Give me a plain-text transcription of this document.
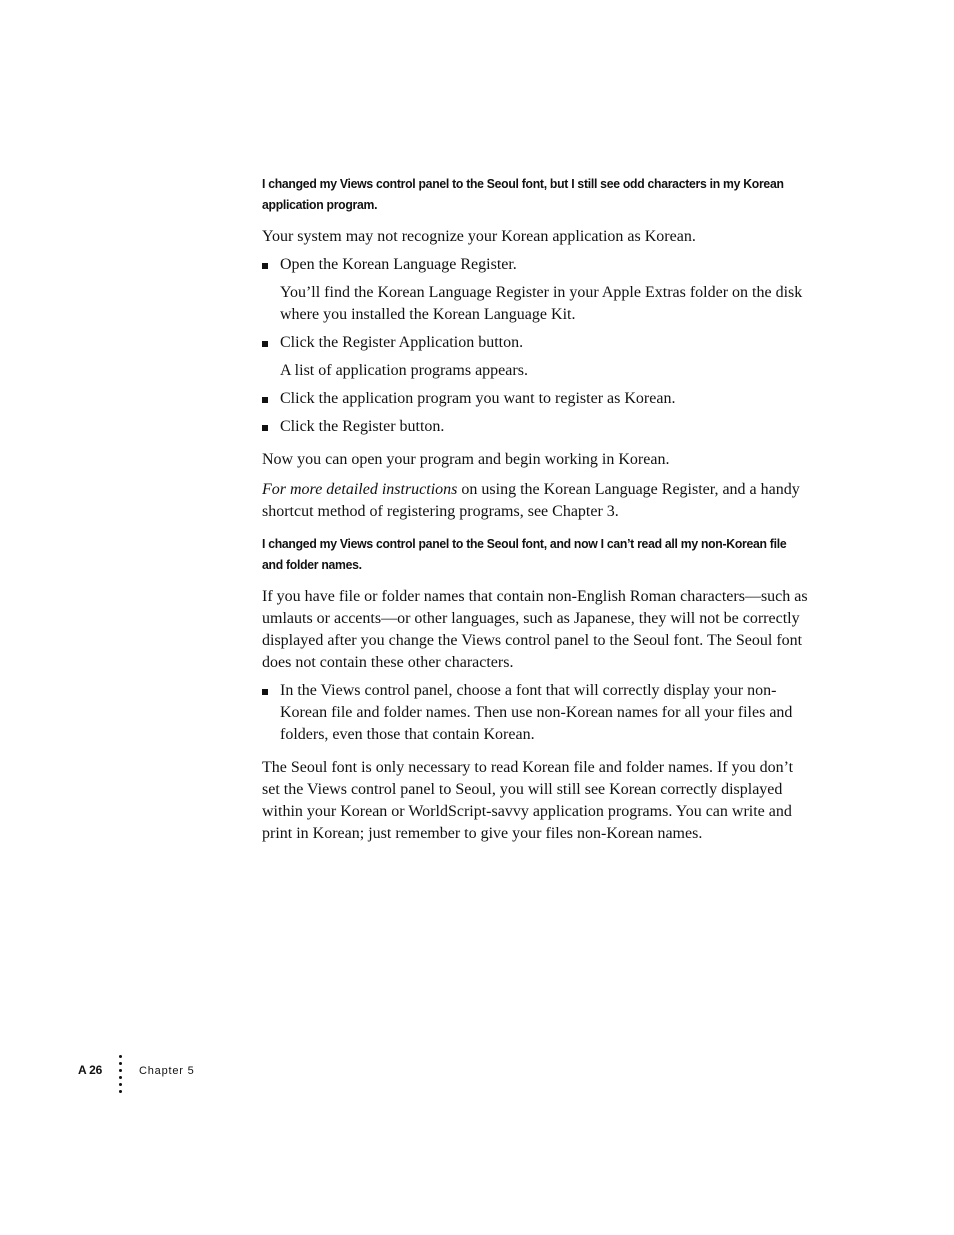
I changed my Views control panel to the Seoul font, but I still see odd characters in my Korean application program.

Your system may not recognize your Korean application as Korean.

Open the Korean Language Register.

You’ll find the Korean Language Register in your Apple Extras folder on the disk where you installed the Korean Language Kit.

Click the Register Application button.

A list of application programs appears.

Click the application program you want to register as Korean.
Click the Register button.

Now you can open your program and begin working in Korean.

For more detailed instructions on using the Korean Language Register, and a handy shortcut method of registering programs, see Chapter 3.

I changed my Views control panel to the Seoul font, and now I can’t read all my non-Korean file and folder names.

If you have file or folder names that contain non-English Roman characters—such as umlauts or accents—or other languages, such as Japanese, they will not be correctly displayed after you change the Views control panel to the Seoul font. The Seoul font does not contain these other characters.

In the Views control panel, choose a font that will correctly display your non-Korean file and folder names. Then use non-Korean names for all your files and folders, even those that contain Korean.

The Seoul font is only necessary to read Korean file and folder names. If you don’t set the Views control panel to Seoul, you will still see Korean correctly displayed within your Korean or WorldScript-savvy application programs. You can write and print in Korean; just remember to give your files non-Korean names.

A 26	Chapter 5
